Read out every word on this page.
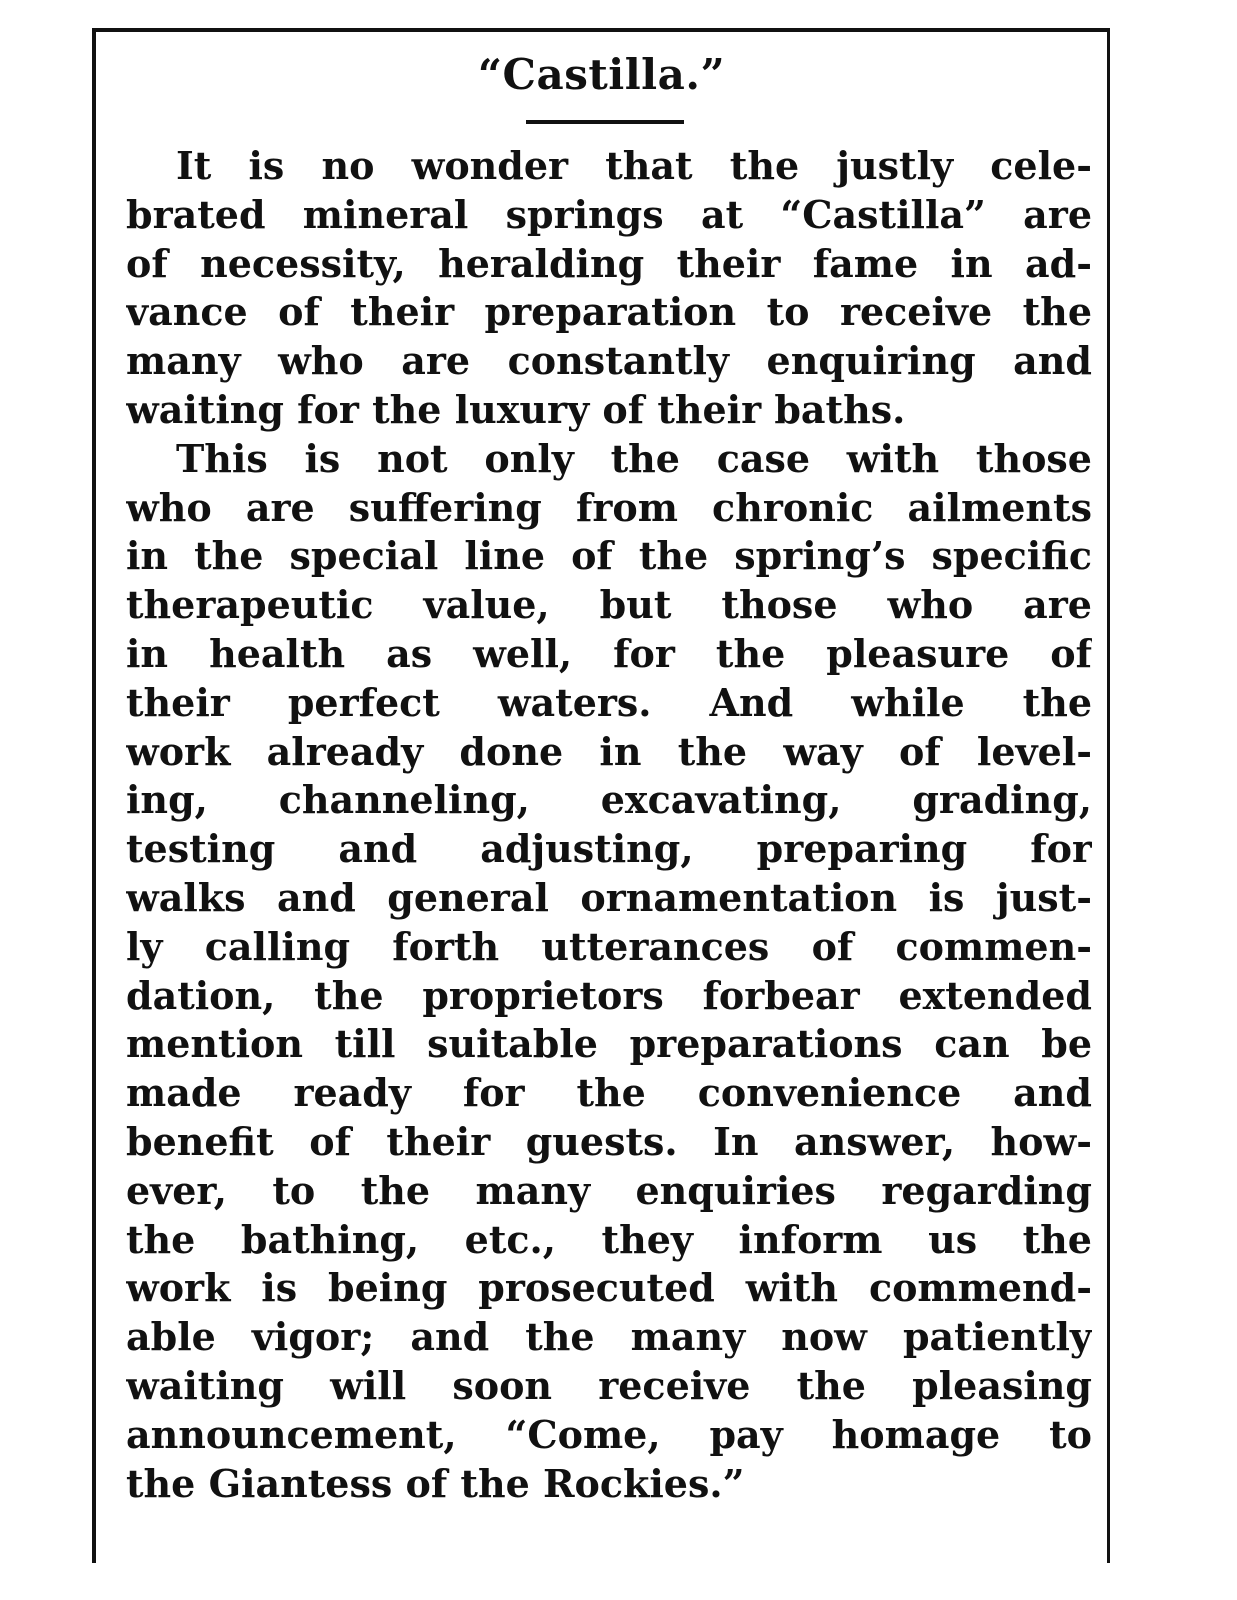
“Castilla.”
It is no wonder that the justly cele-
brated mineral springs at “Castilla” are
of necessity, heralding their fame in ad-
vance of their preparation to receive the
many who are constantly enquiring and
waiting for the luxury of their baths.
This is not only the case with those
who are suffering from chronic ailments
in the special line of the spring’s specific
therapeutic value, but those who are
in health as well, for the pleasure of
their perfect waters. And while the
work already done in the way of level-
ing, channeling, excavating, grading,
testing and adjusting, preparing for
walks and general ornamentation is just-
ly calling forth utterances of commen-
dation, the proprietors forbear extended
mention till suitable preparations can be
made ready for the convenience and
benefit of their guests. In answer, how-
ever, to the many enquiries regarding
the bathing, etc., they inform us the
work is being prosecuted with commend-
able vigor; and the many now patiently
waiting will soon receive the pleasing
announcement, “Come, pay homage to
the Giantess of the Rockies.”
